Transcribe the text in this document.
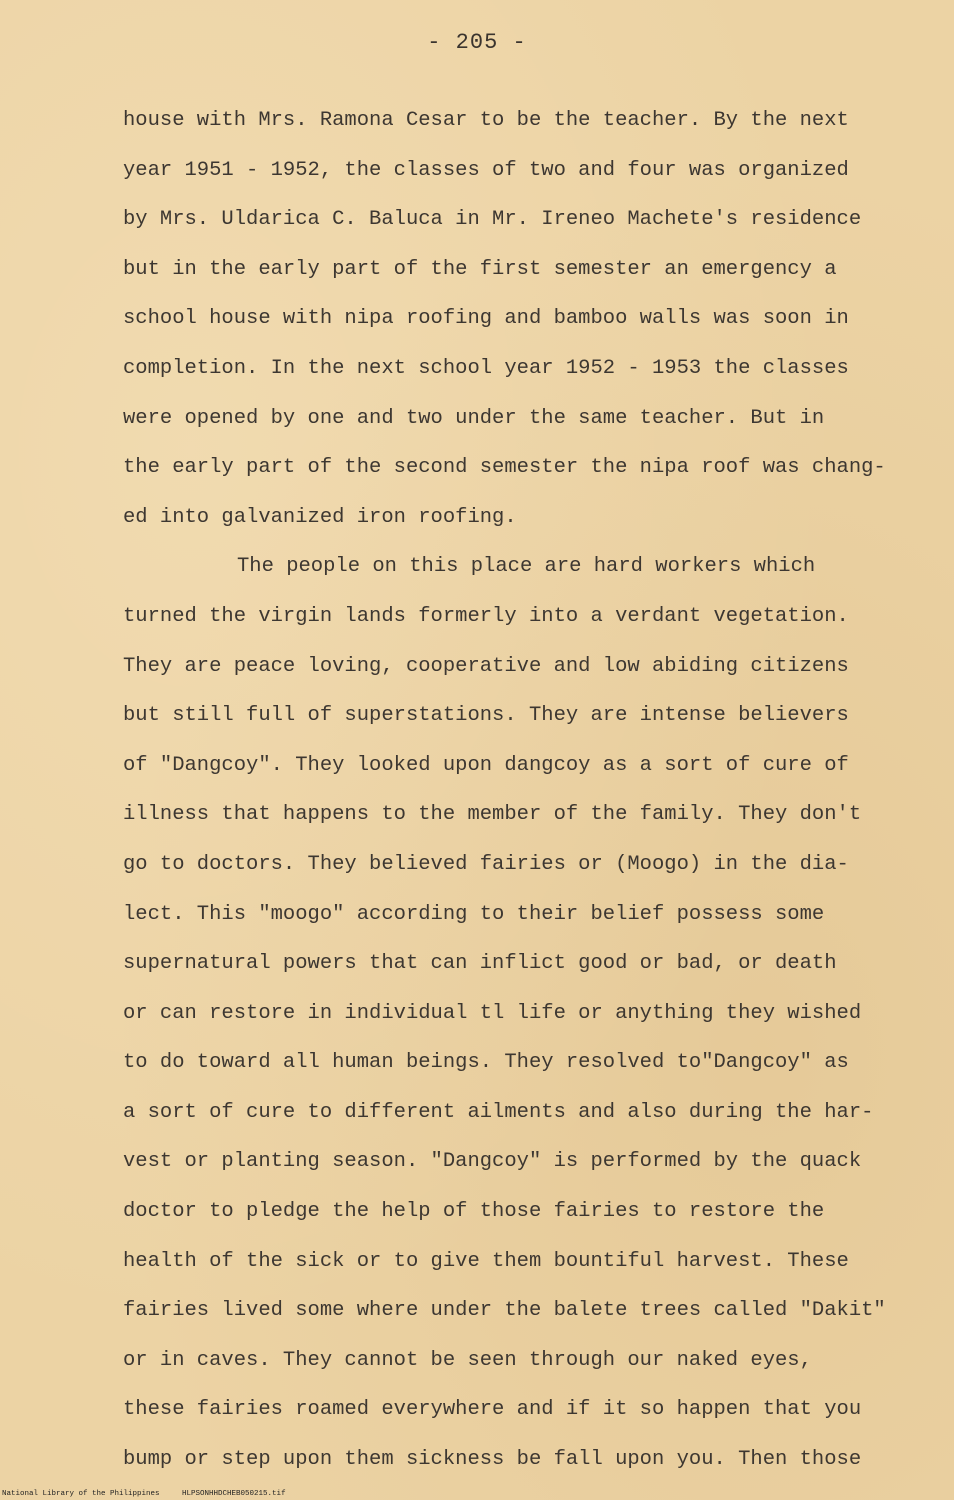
- 205 -
house with Mrs. Ramona Cesar to be the teacher. By the next
year 1951 - 1952, the classes of two and four was organized
by Mrs. Uldarica C. Baluca in Mr. Ireneo Machete's residence
but in the early part of the first semester an emergency a
school house with nipa roofing and bamboo walls was soon in
completion. In the next school year 1952 - 1953 the classes
were opened by one and two under the same teacher. But in
the early part of the second semester the nipa roof was chang-
ed into galvanized iron roofing.
The people on this place are hard workers which
turned the virgin lands formerly into a verdant vegetation.
They are peace loving, cooperative and low abiding citizens
but still full of superstations. They are intense believers
of "Dangcoy". They looked upon dangcoy as a sort of cure of
illness that happens to the member of the family. They don't
go to doctors. They believed fairies or (Moogo) in the dia-
lect. This "moogo" according to their belief possess some
supernatural powers that can inflict good or bad, or death
or can restore in individual tl life or anything they wished
to do toward all human beings. They resolved to"Dangcoy" as
a sort of cure to different ailments and also during the har-
vest or planting season. "Dangcoy" is performed by the quack
doctor to pledge the help of those fairies to restore the
health of the sick or to give them bountiful harvest. These
fairies lived some where under the balete trees called "Dakit"
or in caves. They cannot be seen through our naked eyes,
these fairies roamed everywhere and if it so happen that you
bump or step upon them sickness be fall upon you. Then those
National Library of the Philippines	HLPSONHHDCHEB050215.tif
